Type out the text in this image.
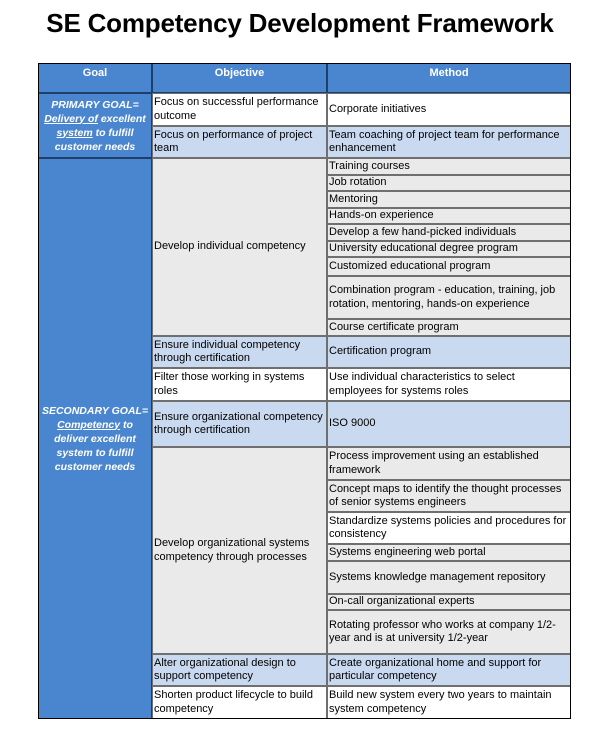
SE Competency Development Framework
Goal	Objective	Method
PRIMARY GOAL=
Delivery of excellent
system to fulfill
customer needs
SECONDARY GOAL=
Competency to
deliver excellent
system to fulfill
customer needs
Focus on successful performance outcome
Focus on performance of project team
Develop individual competency
Ensure individual competency through certification
Filter those working in systems roles
Ensure organizational competency through certification
Develop organizational systems competency through processes
Alter organizational design to support competency
Shorten product lifecycle to build competency
Corporate initiatives
Team coaching of project team for performance enhancement
Training courses
Job rotation
Mentoring
Hands-on experience
Develop a few hand-picked individuals
University educational degree program
Customized educational program
Combination program - education, training, job rotation, mentoring, hands-on experience
Course certificate program
Certification program
Use individual characteristics to select employees for systems roles
ISO 9000
Process improvement using an established framework
Concept maps to identify the thought processes of senior systems engineers
Standardize systems policies and procedures for consistency
Systems engineering web portal
Systems knowledge management repository
On-call organizational experts
Rotating professor who works at company 1/2-year and is at university 1/2-year
Create organizational home and support for particular competency
Build new system every two years to maintain system competency
